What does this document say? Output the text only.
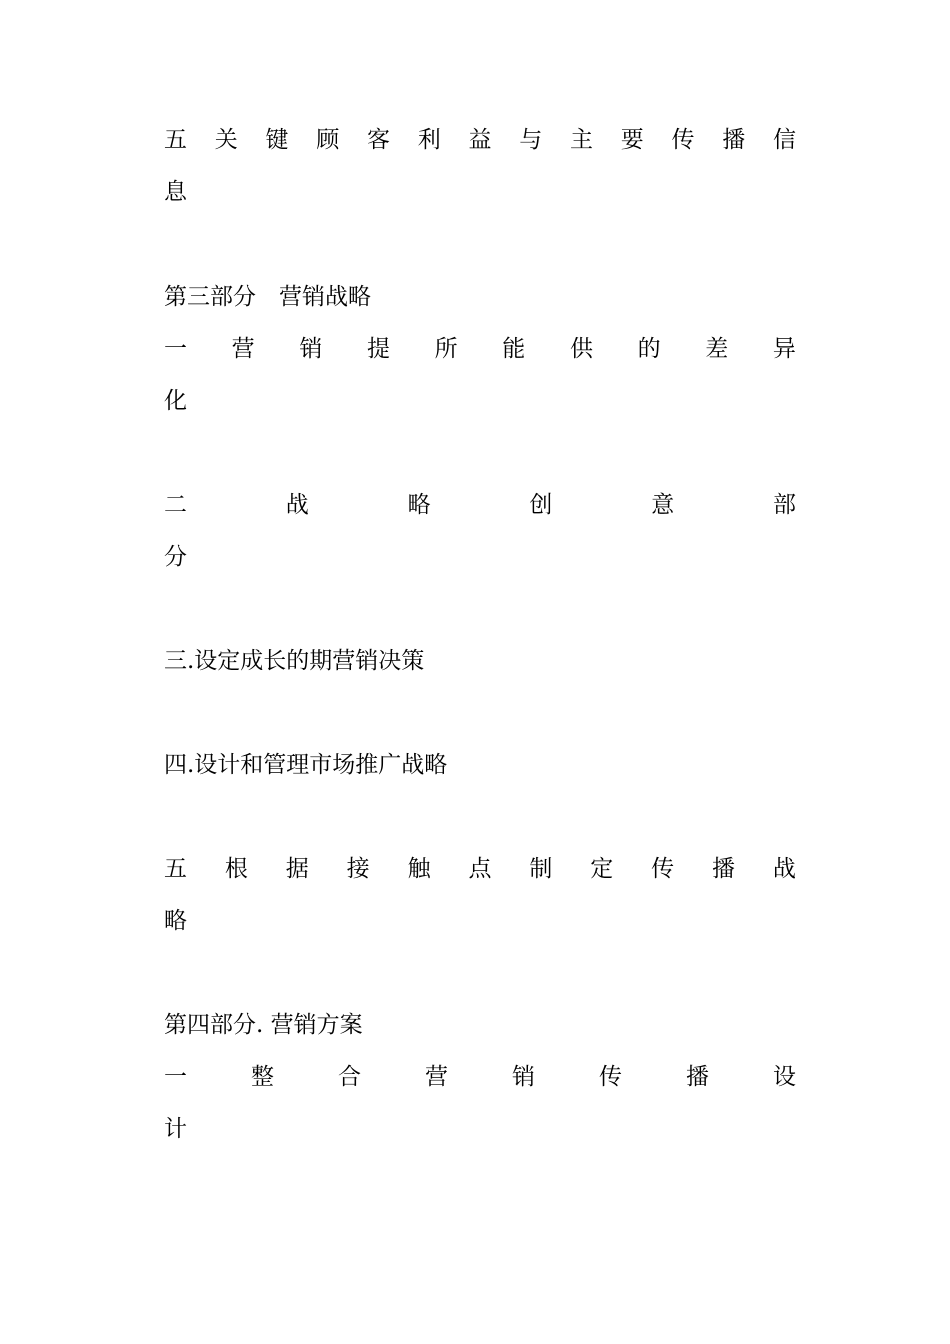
五 关 键 顾 客 利 益 与 主 要 传 播 信
息
第三部分　营销战略
一 营 销 提 所 能 供 的 差 异
化
二	战	略	创	意	部
分
三.设定成长的期营销决策
四.设计和管理市场推广战略
五 根 据 接 触 点 制 定 传 播 战
略
第四部分. 营销方案
一	整	合	营	销	传	播	设
计
